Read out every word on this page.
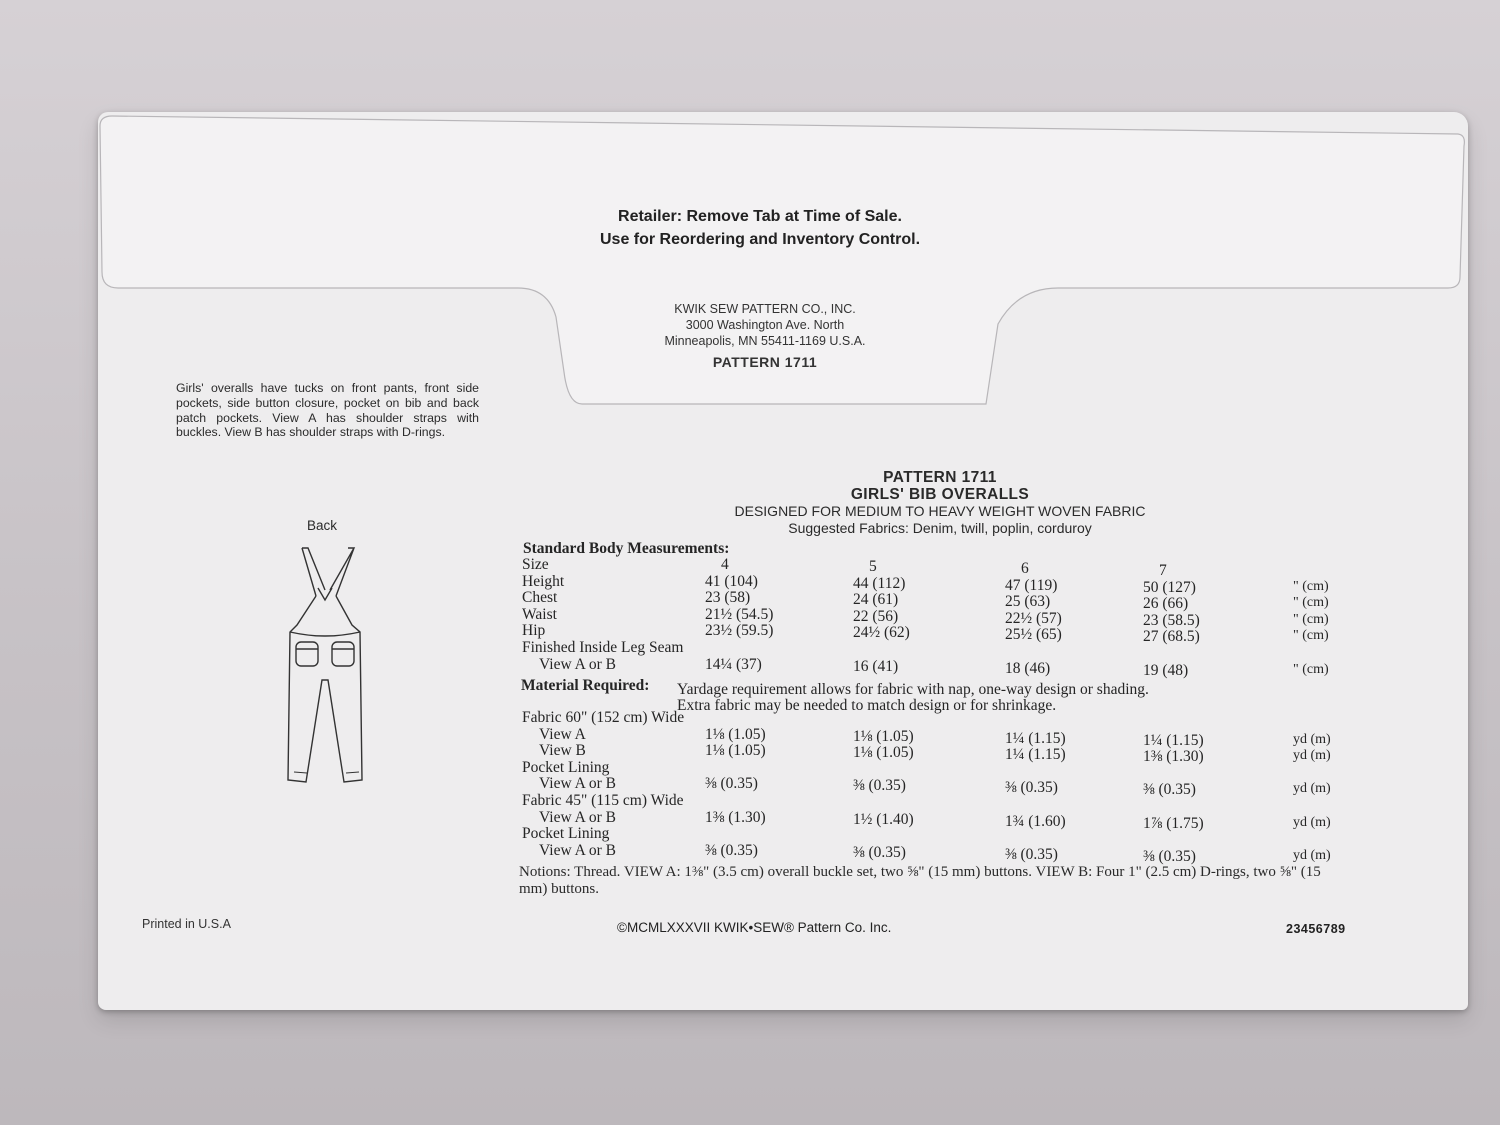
Retailer: Remove Tab at Time of Sale.
Use for Reordering and Inventory Control.
KWIK SEW PATTERN CO., INC.
3000 Washington Ave. North
Minneapolis, MN 55411-1169 U.S.A.
PATTERN 1711
Girls' overalls have tucks on front pants, front side pockets, side button closure, pocket on bib and back patch pockets. View A has shoulder straps with buckles. View B has shoulder straps with D-rings.
Back
PATTERN 1711
GIRLS' BIB OVERALLS
DESIGNED FOR MEDIUM TO HEAVY WEIGHT WOVEN FABRIC
Suggested Fabrics: Denim, twill, poplin, corduroy
Standard Body Measurements:
Size	4	5	6	7
Height	41 (104)	44 (112)	47 (119)	50 (127)	" (cm)
Chest	23 (58)	24 (61)	25 (63)	26 (66)	" (cm)
Waist	21½ (54.5)	22 (56)	22½ (57)	23 (58.5)	" (cm)
Hip	23½ (59.5)	24½ (62)	25½ (65)	27 (68.5)	" (cm)
Finished Inside Leg Seam
View A or B	14¼ (37)	16 (41)	18 (46)	19 (48)	" (cm)
Material Required: Yardage requirement allows for fabric with nap, one-way design or shading.
Extra fabric may be needed to match design or for shrinkage.
Fabric 60" (152 cm) Wide
View A	1⅛ (1.05)	1⅛ (1.05)	1¼ (1.15)	1¼ (1.15)	yd (m)
View B	1⅛ (1.05)	1⅛ (1.05)	1¼ (1.15)	1⅜ (1.30)	yd (m)
Pocket Lining
View A or B	⅜ (0.35)	⅜ (0.35)	⅜ (0.35)	⅜ (0.35)	yd (m)
Fabric 45" (115 cm) Wide
View A or B	1⅜ (1.30)	1½ (1.40)	1¾ (1.60)	1⅞ (1.75)	yd (m)
Pocket Lining
View A or B	⅜ (0.35)	⅜ (0.35)	⅜ (0.35)	⅜ (0.35)	yd (m)
Notions: Thread. VIEW A: 1⅜" (3.5 cm) overall buckle set, two ⅝" (15 mm) buttons. VIEW B: Four 1" (2.5 cm) D-rings, two ⅝" (15 mm) buttons.
Printed in U.S.A	©MCMLXXXVII KWIK•SEW® Pattern Co. Inc.	23456789
